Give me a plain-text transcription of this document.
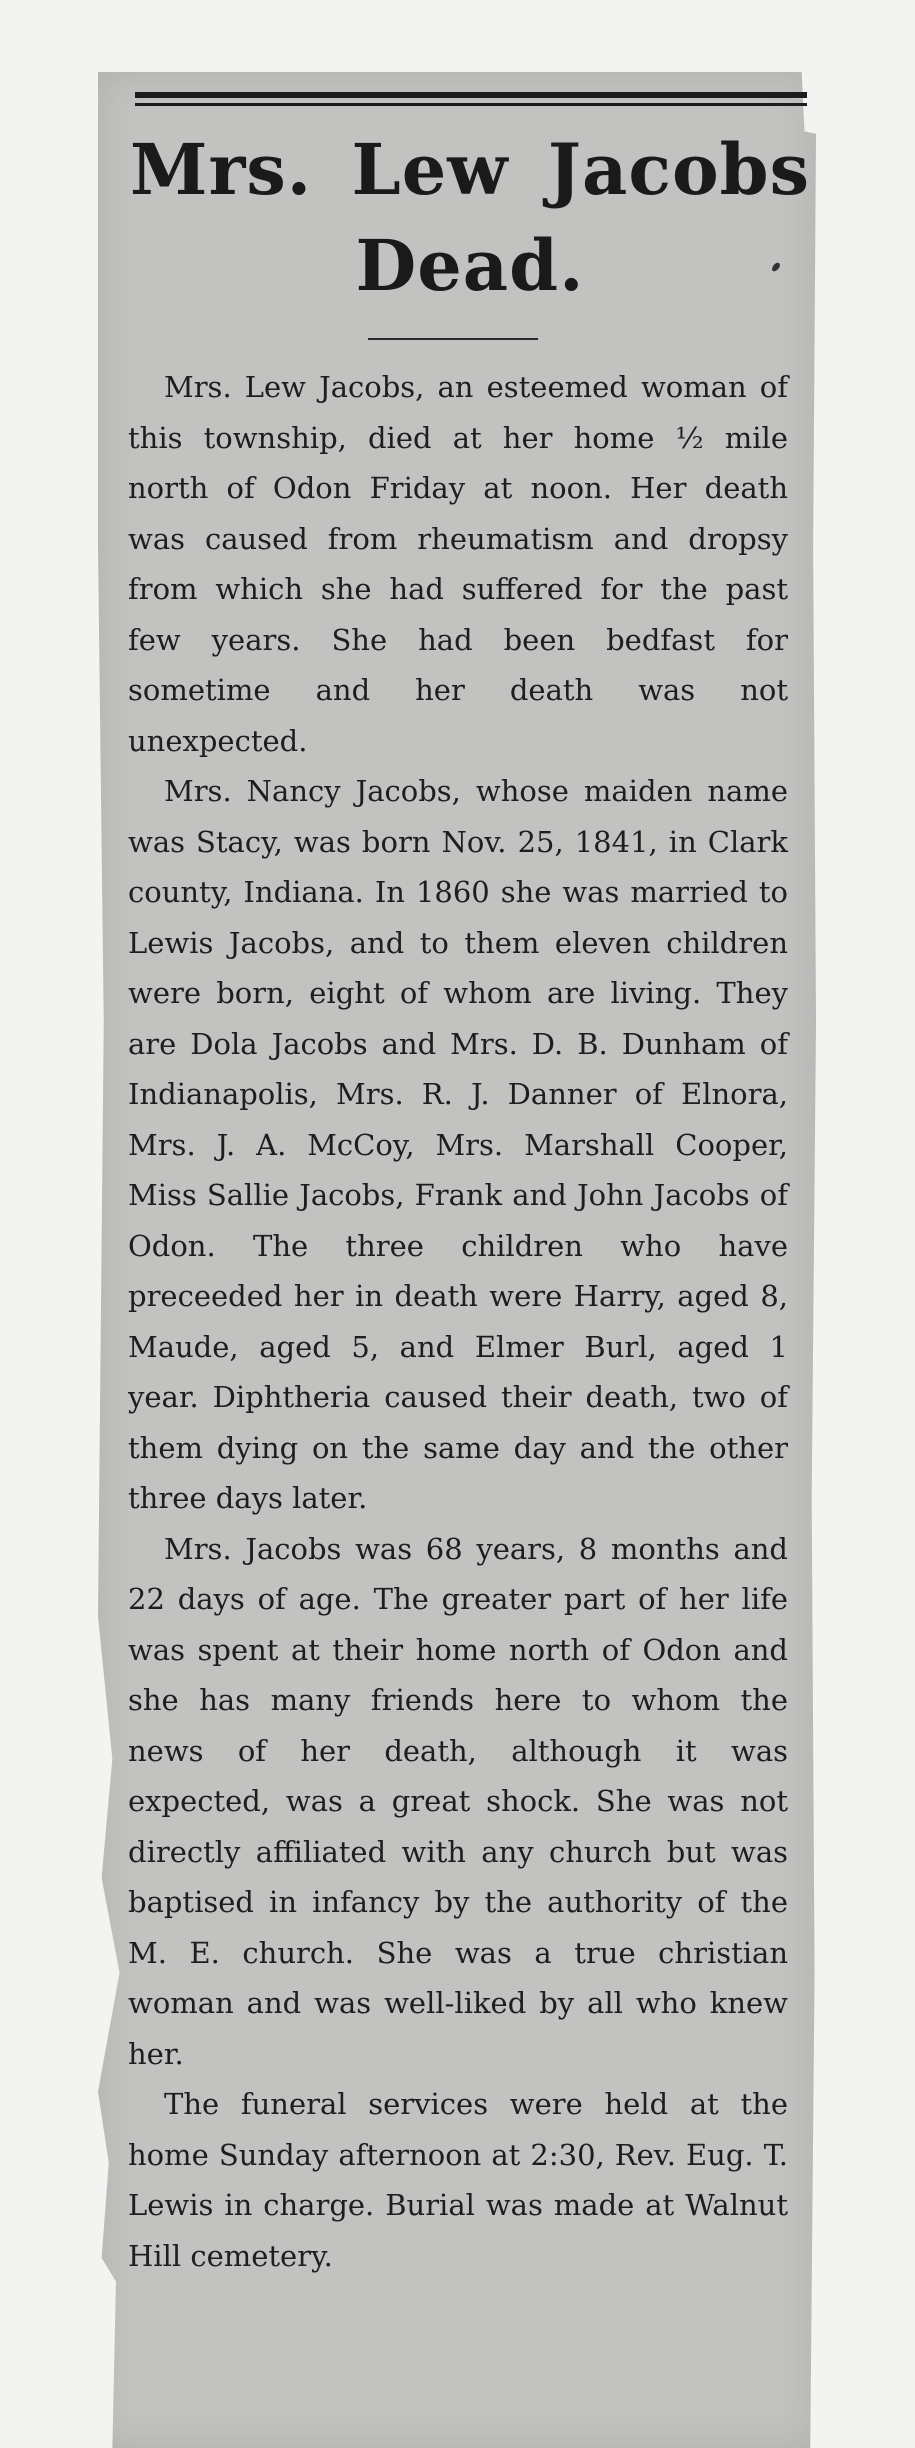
Mrs. Lew Jacobs
Dead.

Mrs. Lew Jacobs, an esteemed woman of this township, died at her home ½ mile north of Odon Friday at noon. Her death was caused from rheumatism and dropsy from which she had suffered for the past few years. She had been bedfast for sometime and her death was not unexpected.

Mrs. Nancy Jacobs, whose maiden name was Stacy, was born Nov. 25, 1841, in Clark county, Indiana. In 1860 she was married to Lewis Jacobs, and to them eleven children were born, eight of whom are living. They are Dola Jacobs and Mrs. D. B. Dunham of Indianapolis, Mrs. R. J. Danner of Elnora, Mrs. J. A. McCoy, Mrs. Marshall Cooper, Miss Sallie Jacobs, Frank and John Jacobs of Odon. The three children who have preceeded her in death were Harry, aged 8, Maude, aged 5, and Elmer Burl, aged 1 year. Diphtheria caused their death, two of them dying on the same day and the other three days later.

Mrs. Jacobs was 68 years, 8 months and 22 days of age. The greater part of her life was spent at their home north of Odon and she has many friends here to whom the news of her death, although it was expected, was a great shock. She was not directly affiliated with any church but was baptised in infancy by the authority of the M. E. church. She was a true christian woman and was well-liked by all who knew her.

The funeral services were held at the home Sunday afternoon at 2:30, Rev. Eug. T. Lewis in charge. Burial was made at Walnut Hill cemetery.
